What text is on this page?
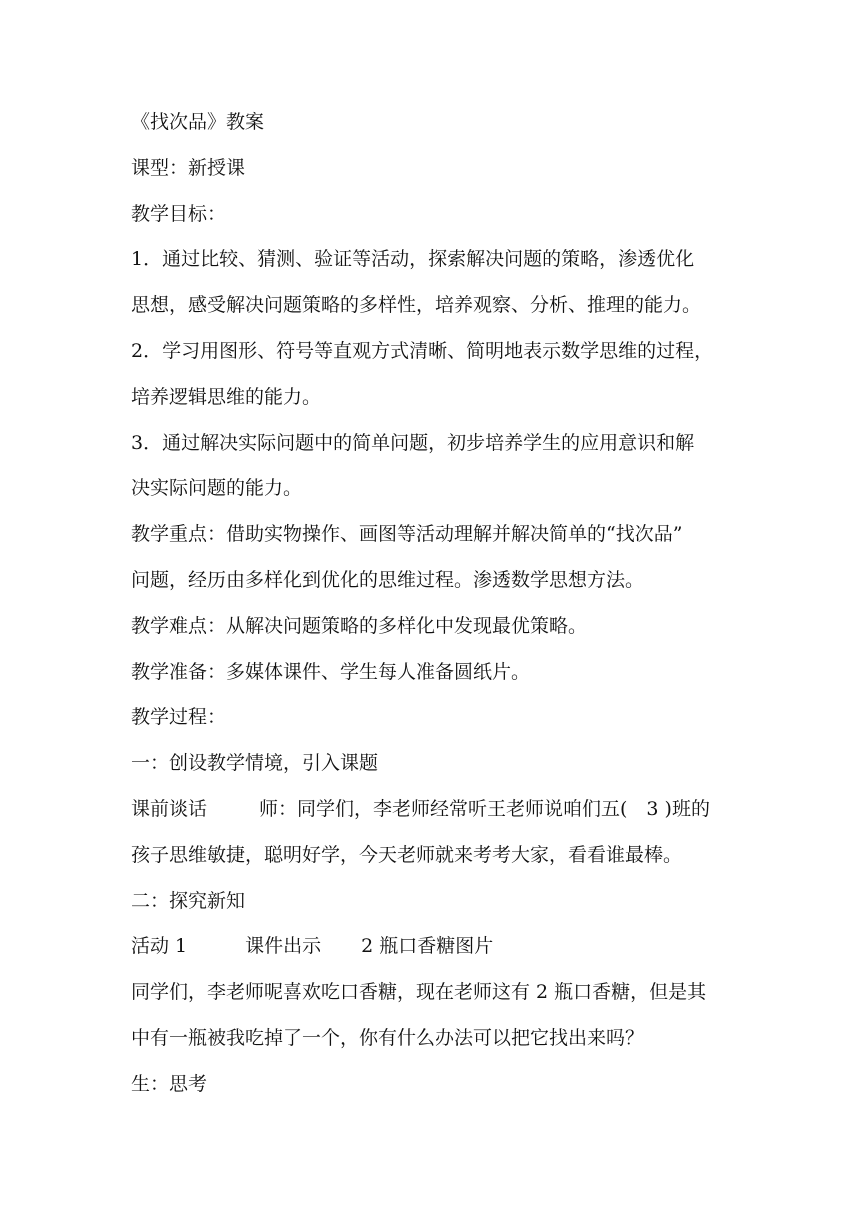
《找次品》教案
课型：新授课
教学目标：
1．通过比较、猜测、验证等活动，探索解决问题的策略，渗透优化
思想，感受解决问题策略的多样性，培养观察、分析、推理的能力。
2．学习用图形、符号等直观方式清晰、简明地表示数学思维的过程，
培养逻辑思维的能力。
3．通过解决实际问题中的简单问题，初步培养学生的应用意识和解
决实际问题的能力。
教学重点：借助实物操作、画图等活动理解并解决简单的“找次品”
问题，经历由多样化到优化的思维过程。渗透数学思想方法。
教学难点：从解决问题策略的多样化中发现最优策略。
教学准备：多媒体课件、学生每人准备圆纸片。
教学过程：
一：创设教学情境，引入课题
课前谈话	师：同学们，李老师经常听王老师说咱们五(　3 )班的
孩子思维敏捷，聪明好学，今天老师就来考考大家，看看谁最棒。
二：探究新知
活动 1	课件出示 2 瓶口香糖图片
同学们，李老师呢喜欢吃口香糖，现在老师这有 2 瓶口香糖，但是其
中有一瓶被我吃掉了一个，你有什么办法可以把它找出来吗？
生：思考
